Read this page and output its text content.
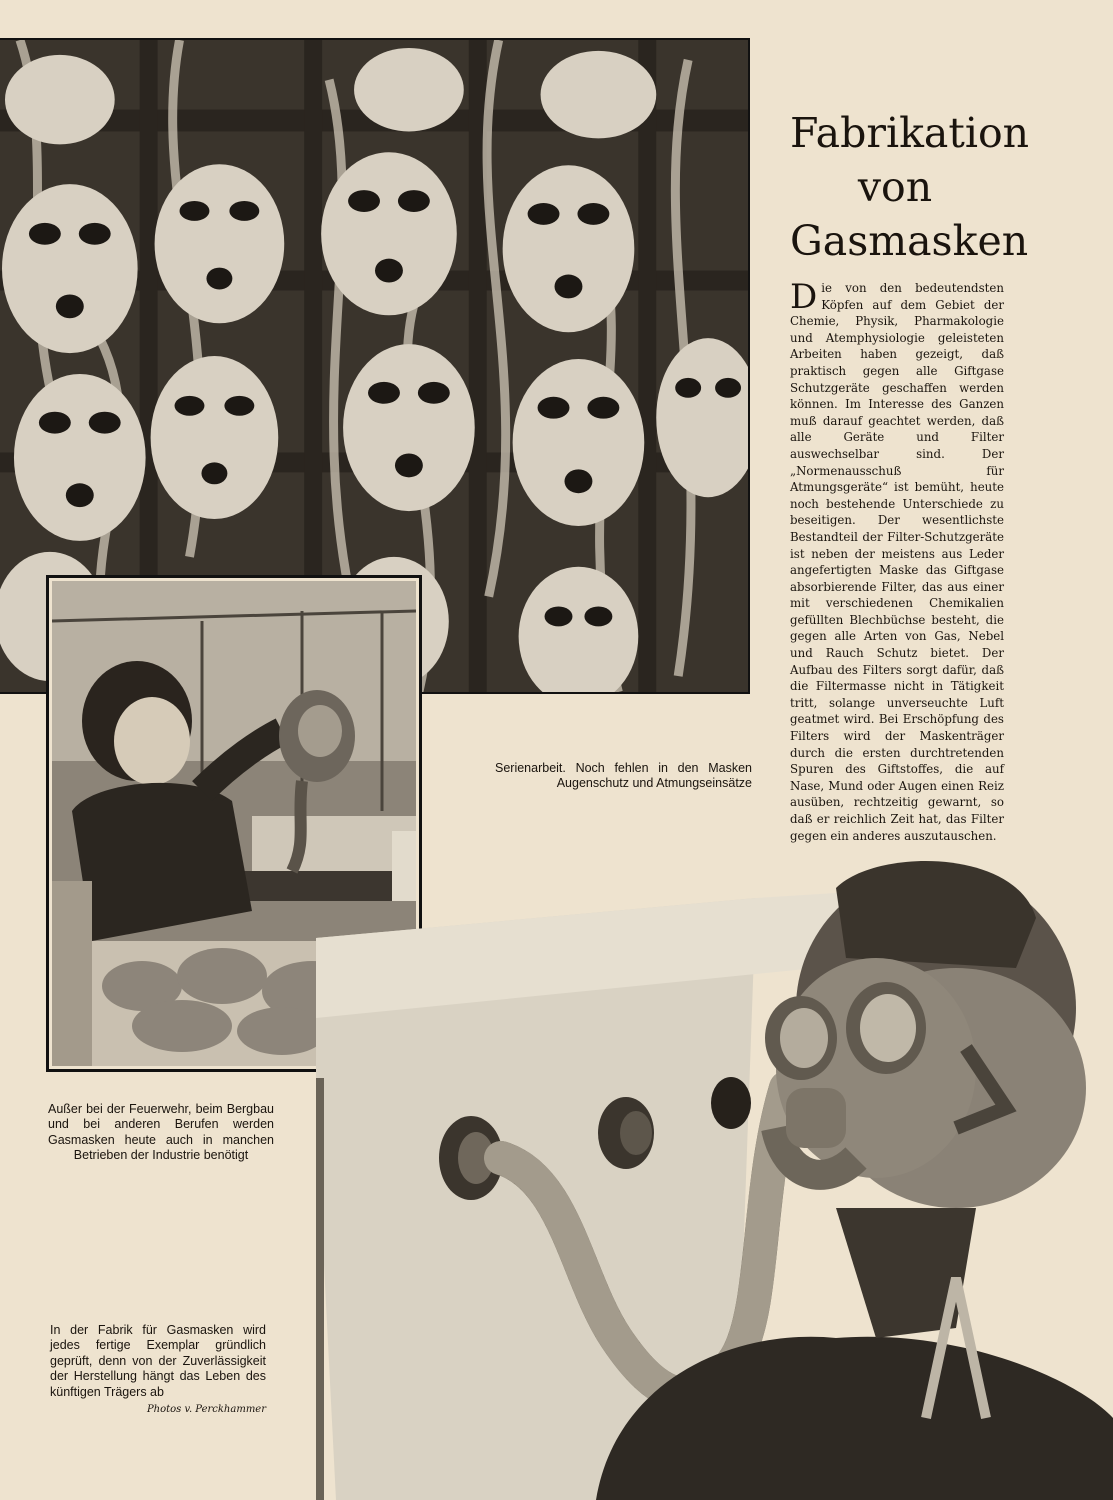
Fabrikation
von
Gasmasken

Die von den bedeutendsten Köpfen auf dem Gebiet der Chemie, Physik, Pharmakologie und Atemphysiologie geleisteten Arbeiten haben gezeigt, daß praktisch gegen alle Giftgase Schutzgeräte geschaffen werden können. Im Interesse des Ganzen muß darauf geachtet werden, daß alle Geräte und Filter auswechselbar sind. Der „Normenausschuß für Atmungsgeräte“ ist bemüht, heute noch bestehende Unterschiede zu beseitigen. Der wesentlichste Bestandteil der Filter-Schutzgeräte ist neben der meistens aus Leder angefertigten Maske das Giftgase absorbierende Filter, das aus einer mit verschiedenen Chemikalien gefüllten Blechbüchse besteht, die gegen alle Arten von Gas, Nebel und Rauch Schutz bietet. Der Aufbau des Filters sorgt dafür, daß die Filtermasse nicht in Tätigkeit tritt, solange unverseuchte Luft geatmet wird. Bei Erschöpfung des Filters wird der Maskenträger durch die ersten durchtretenden Spuren des Giftstoffes, die auf Nase, Mund oder Augen einen Reiz ausüben, rechtzeitig gewarnt, so daß er reichlich Zeit hat, das Filter gegen ein anderes auszutauschen.

Serienarbeit. Noch fehlen in den Masken Augenschutz und Atmungseinsätze

Außer bei der Feuerwehr, beim Bergbau und bei anderen Berufen werden Gasmasken heute auch in manchen Betrieben der Industrie benötigt

In der Fabrik für Gasmasken wird jedes fertige Exemplar gründlich geprüft, denn von der Zuverlässigkeit der Herstellung hängt das Leben des künftigen Trägers ab
Photos v. Perckhammer
